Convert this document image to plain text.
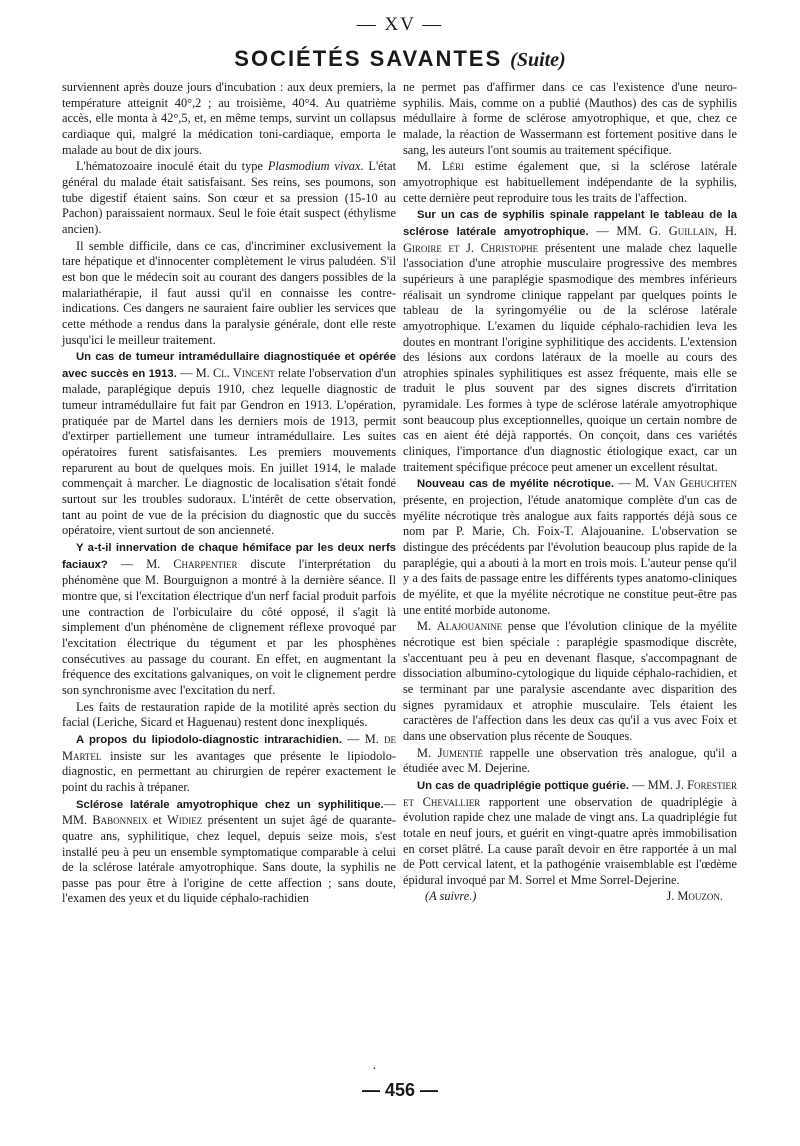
— XV —
SOCIÉTÉS SAVANTES (Suite)

surviennent après douze jours d'incubation : aux deux premiers, la température atteignit 40°,2 ; au troisième, 40°4. Au quatrième accès, elle monta à 42°,5, et, en même temps, survint un collapsus cardiaque qui, malgré la médication toni-cardiaque, emporta le malade au bout de dix jours.

L'hématozoaire inoculé était du type Plasmodium vivax. L'état général du malade était satisfaisant. Ses reins, ses poumons, son tube digestif étaient sains. Son cœur et sa pression (15-10 au Pachon) paraissaient normaux. Seul le foie était suspect (éthylisme ancien).

Il semble difficile, dans ce cas, d'incriminer exclusivement la tare hépatique et d'innocenter complètement le virus paludéen. S'il est bon que le médecin soit au courant des dangers possibles de la malariathérapie, il faut aussi qu'il en connaisse les contre-indications. Ces dangers ne sauraient faire oublier les services que cette méthode a rendus dans la paralysie générale, dont elle reste jusqu'ici le meilleur traitement.

Un cas de tumeur intramédullaire diagnostiquée et opérée avec succès en 1913. — M. Cl. Vincent relate l'observation d'un malade, paraplégique depuis 1910, chez lequelle diagnostic de tumeur intramédullaire fut fait par Gendron en 1913. L'opération, pratiquée par de Martel dans les derniers mois de 1913, permit d'extirper partiellement une tumeur intramédullaire. Les suites opératoires furent satisfaisantes. Les premiers mouvements reparurent au bout de quelques mois. En juillet 1914, le malade commençait à marcher. Le diagnostic de localisation s'était fondé surtout sur les troubles sudoraux. L'intérêt de cette observation, tant au point de vue de la précision du diagnostic que du succès opératoire, vient surtout de son ancienneté.

Y a-t-il innervation de chaque hémiface par les deux nerfs faciaux? — M. Charpentier discute l'interprétation du phénomène que M. Bourguignon a montré à la dernière séance. Il montre que, si l'excitation électrique d'un nerf facial produit parfois une contraction de l'orbiculaire du côté opposé, il s'agit là simplement d'un phénomène de clignement réflexe provoqué par l'excitation électrique du tégument et par les phosphènes consécutives au passage du courant. En effet, en augmentant la fréquence des excitations galvaniques, on voit le clignement perdre son synchronisme avec l'excitation du nerf.

Les faits de restauration rapide de la motilité après section du facial (Leriche, Sicard et Haguenau) restent donc inexpliqués.

A propos du lipiodolo-diagnostic intrarachidien. — M. de Martel insiste sur les avantages que présente le lipiodolo-diagnostic, en permettant au chirurgien de repérer exactement le point du rachis à trépaner.

Sclérose latérale amyotrophique chez un syphilitique.— MM. Babonneix et Widiez présentent un sujet âgé de quarante-quatre ans, syphilitique, chez lequel, depuis seize mois, s'est installé peu à peu un ensemble symptomatique comparable à celui de la sclérose latérale amyotrophique. Sans doute, la syphilis ne passe pas pour être à l'origine de cette affection ; sans doute, l'examen des yeux et du liquide céphalo-rachidien

ne permet pas d'affirmer dans ce cas l'existence d'une neuro-syphilis. Mais, comme on a publié (Mauthos) des cas de syphilis médullaire à forme de sclérose amyotrophique, et que, chez ce malade, la réaction de Wassermann est fortement positive dans le sang, les auteurs l'ont soumis au traitement spécifique.

M. Léri estime également que, si la sclérose latérale amyotrophique est habituellement indépendante de la syphilis, cette dernière peut reproduire tous les traits de l'affection.

Sur un cas de syphilis spinale rappelant le tableau de la sclérose latérale amyotrophique. — MM. G. Guillain, H. Giroire et J. Christophe présentent une malade chez laquelle l'association d'une atrophie musculaire progressive des membres supérieurs à une paraplégie spasmodique des membres inférieurs réalisait un syndrome clinique rappelant par quelques points le tableau de la syringomyélie ou de la sclérose latérale amyotrophique. L'examen du liquide céphalo-rachidien leva les doutes en montrant l'origine syphilitique des accidents. L'extension des lésions aux cordons latéraux de la moelle au cours des atrophies spinales syphilitiques est assez fréquente, mais elle se traduit le plus souvent par des signes discrets d'irritation pyramidale. Les formes à type de sclérose latérale amyotrophique sont beaucoup plus exceptionnelles, quoique un certain nombre de cas en aient été déjà rapportés. On conçoit, dans ces variétés cliniques, l'importance d'un diagnostic étiologique exact, car un traitement spécifique précoce peut amener un excellent résultat.

Nouveau cas de myélite nécrotique. — M. Van Gehuchten présente, en projection, l'étude anatomique complète d'un cas de myélite nécrotique très analogue aux faits rapportés déjà sous ce nom par P. Marie, Ch. Foix-T. Alajouanine. L'observation se distingue des précédents par l'évolution beaucoup plus rapide de la paraplégie, qui a abouti à la mort en trois mois. L'auteur pense qu'il y a des faits de passage entre les différents types anatomo-cliniques de myélite, et que la myélite nécrotique ne constitue peut-être pas une entité morbide autonome.

M. Alajouanine pense que l'évolution clinique de la myélite nécrotique est bien spéciale : paraplégie spasmodique discrète, s'accentuant peu à peu en devenant flasque, s'accompagnant de dissociation albumino-cytologique du liquide céphalo-rachidien, et se terminant par une paralysie ascendante avec disparition des signes pyramidaux et atrophie musculaire. Tels étaient les caractères de l'affection dans les deux cas qu'il a vus avec Foix et dans une observation plus récente de Souques.

M. Jumentié rappelle une observation très analogue, qu'il a étudiée avec M. Dejerine.

Un cas de quadriplégie pottique guérie. — MM. J. Forestier et Chevallier rapportent une observation de quadriplégie à évolution rapide chez une malade de vingt ans. La quadriplégie fut totale en neuf jours, et guérit en vingt-quatre après immobilisation en corset plâtré. La cause paraît devoir en être rapportée à un mal de Pott cervical latent, et la pathogénie vraisemblable est l'œdème épidural invoqué par M. Sorrel et Mme Sorrel-Dejerine.

(A suivre.)	J. Mouzon.
·
— 456 —
